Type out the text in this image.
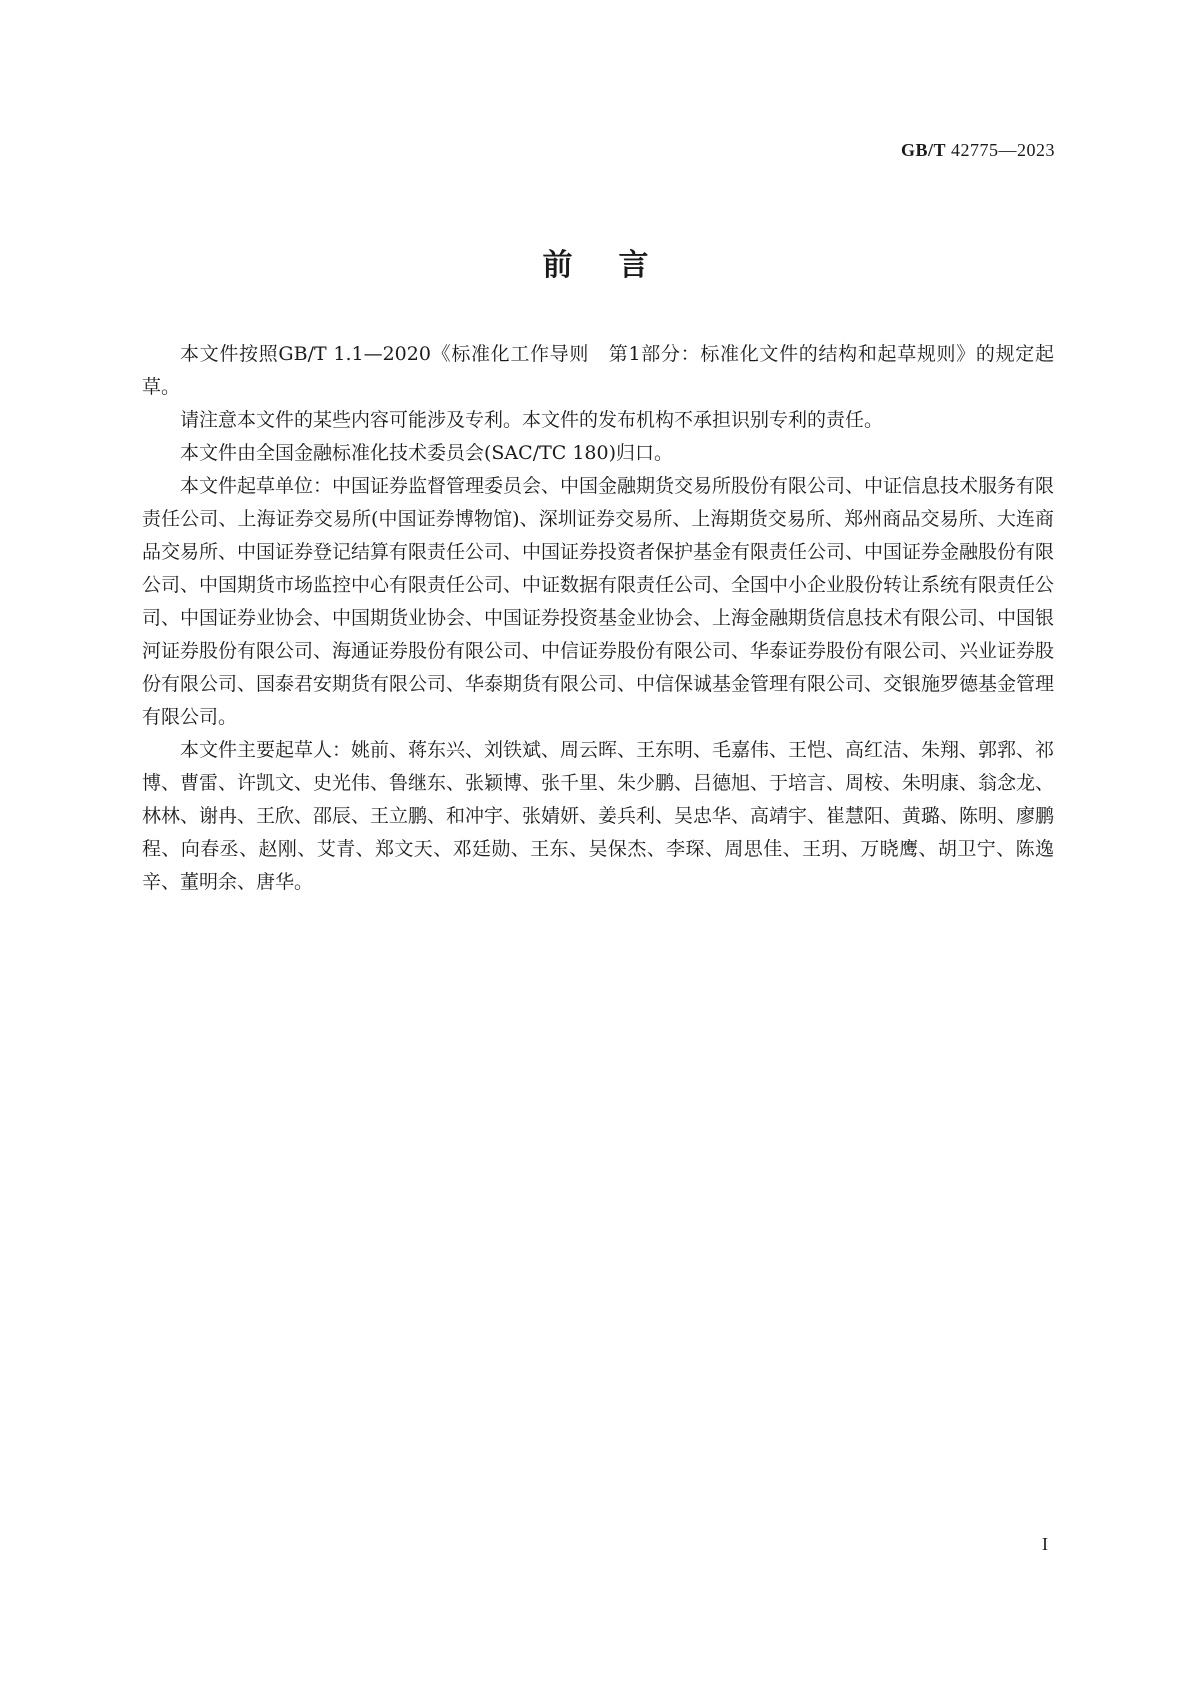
GB/T 42775—2023
前言

本文件按照GB/T 1.1—2020《标准化工作导则　第1部分：标准化文件的结构和起草规则》的规定起草。

请注意本文件的某些内容可能涉及专利。本文件的发布机构不承担识别专利的责任。

本文件由全国金融标准化技术委员会(SAC/TC 180)归口。

本文件起草单位：中国证券监督管理委员会、中国金融期货交易所股份有限公司、中证信息技术服务有限责任公司、上海证券交易所(中国证券博物馆)、深圳证券交易所、上海期货交易所、郑州商品交易所、大连商品交易所、中国证券登记结算有限责任公司、中国证券投资者保护基金有限责任公司、中国证券金融股份有限公司、中国期货市场监控中心有限责任公司、中证数据有限责任公司、全国中小企业股份转让系统有限责任公司、中国证券业协会、中国期货业协会、中国证券投资基金业协会、上海金融期货信息技术有限公司、中国银河证券股份有限公司、海通证券股份有限公司、中信证券股份有限公司、华泰证券股份有限公司、兴业证券股份有限公司、国泰君安期货有限公司、华泰期货有限公司、中信保诚基金管理有限公司、交银施罗德基金管理有限公司。

本文件主要起草人：姚前、蒋东兴、刘铁斌、周云晖、王东明、毛嘉伟、王恺、高红洁、朱翔、郭郛、祁博、曹雷、许凯文、史光伟、鲁继东、张颖博、张千里、朱少鹏、吕德旭、于培言、周桉、朱明康、翁念龙、林林、谢冉、王欣、邵辰、王立鹏、和冲宇、张婧妍、姜兵利、吴忠华、高靖宇、崔慧阳、黄璐、陈明、廖鹏程、向春丞、赵刚、艾青、郑文天、邓廷勋、王东、吴保杰、李琛、周思佳、王玥、万晓鹰、胡卫宁、陈逸辛、董明余、唐华。

I
